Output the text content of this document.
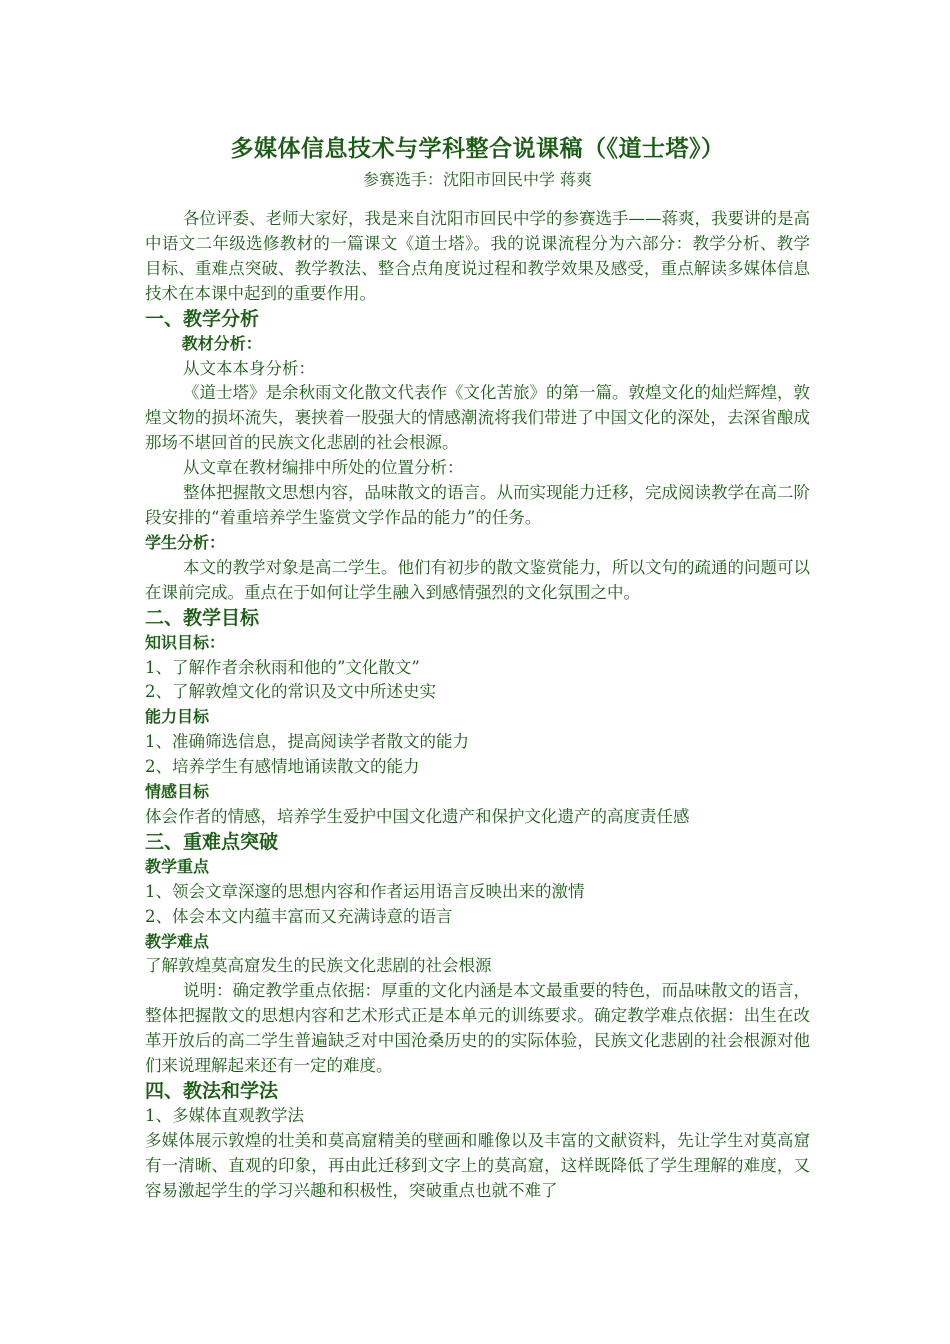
多媒体信息技术与学科整合说课稿（《道士塔》）

参赛选手：沈阳市回民中学 蒋爽

各位评委、老师大家好，我是来自沈阳市回民中学的参赛选手——蒋爽，我要讲的是高中语文二年级选修教材的一篇课文《道士塔》。我的说课流程分为六部分：教学分析、教学目标、重难点突破、教学教法、整合点角度说过程和教学效果及感受，重点解读多媒体信息技术在本课中起到的重要作用。

一、教学分析

教材分析：

从文本本身分析：

《道士塔》是余秋雨文化散文代表作《文化苦旅》的第一篇。敦煌文化的灿烂辉煌，敦煌文物的损坏流失，裹挟着一股强大的情感潮流将我们带进了中国文化的深处，去深省酿成那场不堪回首的民族文化悲剧的社会根源。

从文章在教材编排中所处的位置分析：

整体把握散文思想内容，品味散文的语言。从而实现能力迁移，完成阅读教学在高二阶段安排的“着重培养学生鉴赏文学作品的能力”的任务。

学生分析：

本文的教学对象是高二学生。他们有初步的散文鉴赏能力，所以文句的疏通的问题可以在课前完成。重点在于如何让学生融入到感情强烈的文化氛围之中。

二、教学目标

知识目标：

1、了解作者余秋雨和他的”文化散文”

2、了解敦煌文化的常识及文中所述史实

能力目标

1、准确筛选信息，提高阅读学者散文的能力

2、培养学生有感情地诵读散文的能力

情感目标

体会作者的情感，培养学生爱护中国文化遗产和保护文化遗产的高度责任感

三、重难点突破

教学重点

1、领会文章深邃的思想内容和作者运用语言反映出来的激情

2、体会本文内蕴丰富而又充满诗意的语言

教学难点

了解敦煌莫高窟发生的民族文化悲剧的社会根源

说明：确定教学重点依据：厚重的文化内涵是本文最重要的特色，而品味散文的语言，整体把握散文的思想内容和艺术形式正是本单元的训练要求。确定教学难点依据：出生在改革开放后的高二学生普遍缺乏对中国沧桑历史的的实际体验，民族文化悲剧的社会根源对他们来说理解起来还有一定的难度。

四、教法和学法

1、多媒体直观教学法

多媒体展示敦煌的壮美和莫高窟精美的壁画和雕像以及丰富的文献资料，先让学生对莫高窟有一清晰、直观的印象，再由此迁移到文字上的莫高窟，这样既降低了学生理解的难度，又容易激起学生的学习兴趣和积极性，突破重点也就不难了
